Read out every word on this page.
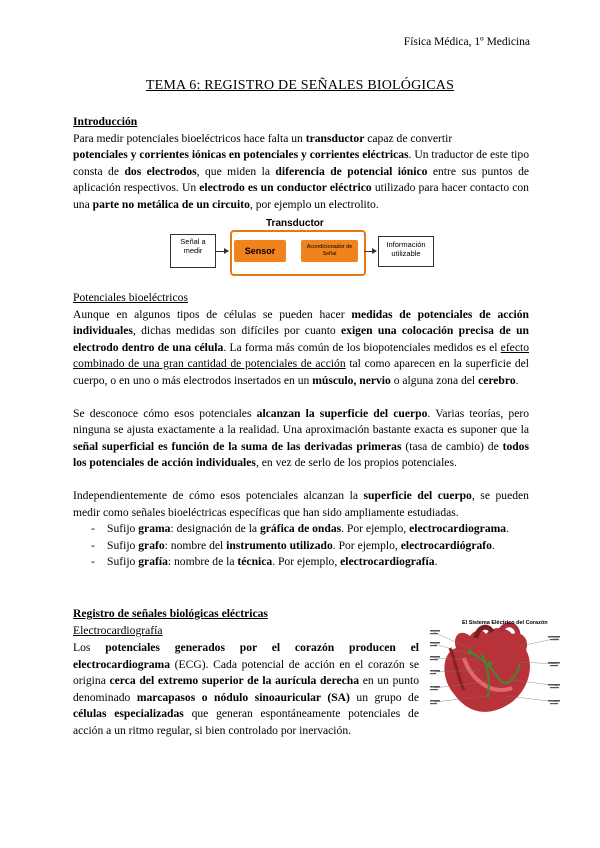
Física Médica, 1º Medicina
TEMA 6: REGISTRO DE SEÑALES BIOLÓGICAS
Introducción
Para medir potenciales bioeléctricos hace falta un transductor capaz de convertir
potenciales y corrientes iónicas en potenciales y corrientes eléctricas. Un traductor de este tipo consta de dos electrodos, que miden la diferencia de potencial iónico entre sus puntos de aplicación respectivos. Un electrodo es un conductor eléctrico utilizado para hacer contacto con una parte no metálica de un circuito, por ejemplo un electrolito.
Transductor
Señal a medir	Sensor	+	Acondicionador de Señal
Información utilizable
Potenciales bioeléctricos
Aunque en algunos tipos de células se pueden hacer medidas de potenciales de acción individuales, dichas medidas son difíciles por cuanto exigen una colocación precisa de un electrodo dentro de una célula. La forma más común de los biopotenciales medidos es el efecto combinado de una gran cantidad de potenciales de acción tal como aparecen en la superficie del cuerpo, o en uno o más electrodos insertados en un músculo, nervio o alguna zona del cerebro.
Se desconoce cómo esos potenciales alcanzan la superficie del cuerpo. Varias teorías, pero ninguna se ajusta exactamente a la realidad. Una aproximación bastante exacta es suponer que la señal superficial es función de la suma de las derivadas primeras (tasa de cambio) de todos los potenciales de acción individuales, en vez de serlo de los propios potenciales.
Independientemente de cómo esos potenciales alcanzan la superficie del cuerpo, se pueden medir como señales bioeléctricas específicas que han sido ampliamente estudiadas.
- Sufijo grama: designación de la gráfica de ondas. Por ejemplo, electrocardiograma.
- Sufijo grafo: nombre del instrumento utilizado. Por ejemplo, electrocardiógrafo.
- Sufijo grafía: nombre de la técnica. Por ejemplo, electrocardiografía.
Registro de señales biológicas eléctricas
Electrocardiografía
Los potenciales generados por el corazón producen el electrocardiograma (ECG). Cada potencial de acción en el corazón se origina cerca del extremo superior de la aurícula derecha en un punto denominado marcapasos o nódulo sinoauricular (SA) un grupo de células especializadas que generan espontáneamente potenciales de acción a un ritmo regular, si bien controlado por inervación.
El Sistema Eléctrico del Corazón
